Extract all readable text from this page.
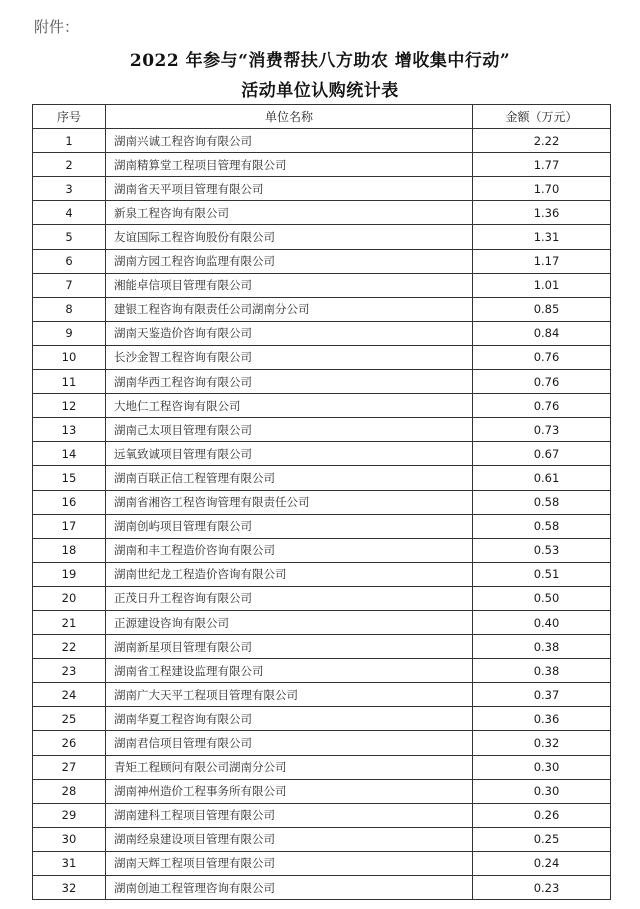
附件：
2022 年参与“消费帮扶八方助农 增收集中行动”
活动单位认购统计表
序号	单位名称	金额（万元）
1	湖南兴诚工程咨询有限公司	2.22
2	湖南精算堂工程项目管理有限公司	1.77
3	湖南省天平项目管理有限公司	1.70
4	新泉工程咨询有限公司	1.36
5	友谊国际工程咨询股份有限公司	1.31
6	湖南方园工程咨询监理有限公司	1.17
7	湘能卓信项目管理有限公司	1.01
8	建银工程咨询有限责任公司湖南分公司	0.85
9	湖南天鉴造价咨询有限公司	0.84
10	长沙金智工程咨询有限公司	0.76
11	湖南华西工程咨询有限公司	0.76
12	大地仁工程咨询有限公司	0.76
13	湖南己太项目管理有限公司	0.73
14	远氧致诚项目管理有限公司	0.67
15	湖南百联正信工程管理有限公司	0.61
16	湖南省湘咨工程咨询管理有限责任公司	0.58
17	湖南创屿项目管理有限公司	0.58
18	湖南和丰工程造价咨询有限公司	0.53
19	湖南世纪龙工程造价咨询有限公司	0.51
20	正茂日升工程咨询有限公司	0.50
21	正源建设咨询有限公司	0.40
22	湖南新星项目管理有限公司	0.38
23	湖南省工程建设监理有限公司	0.38
24	湖南广大天平工程项目管理有限公司	0.37
25	湖南华夏工程咨询有限公司	0.36
26	湖南君信项目管理有限公司	0.32
27	青矩工程顾问有限公司湖南分公司	0.30
28	湖南神州造价工程事务所有限公司	0.30
29	湖南建科工程项目管理有限公司	0.26
30	湖南经泉建设项目管理有限公司	0.25
31	湖南天辉工程项目管理有限公司	0.24
32	湖南创迪工程管理咨询有限公司	0.23
